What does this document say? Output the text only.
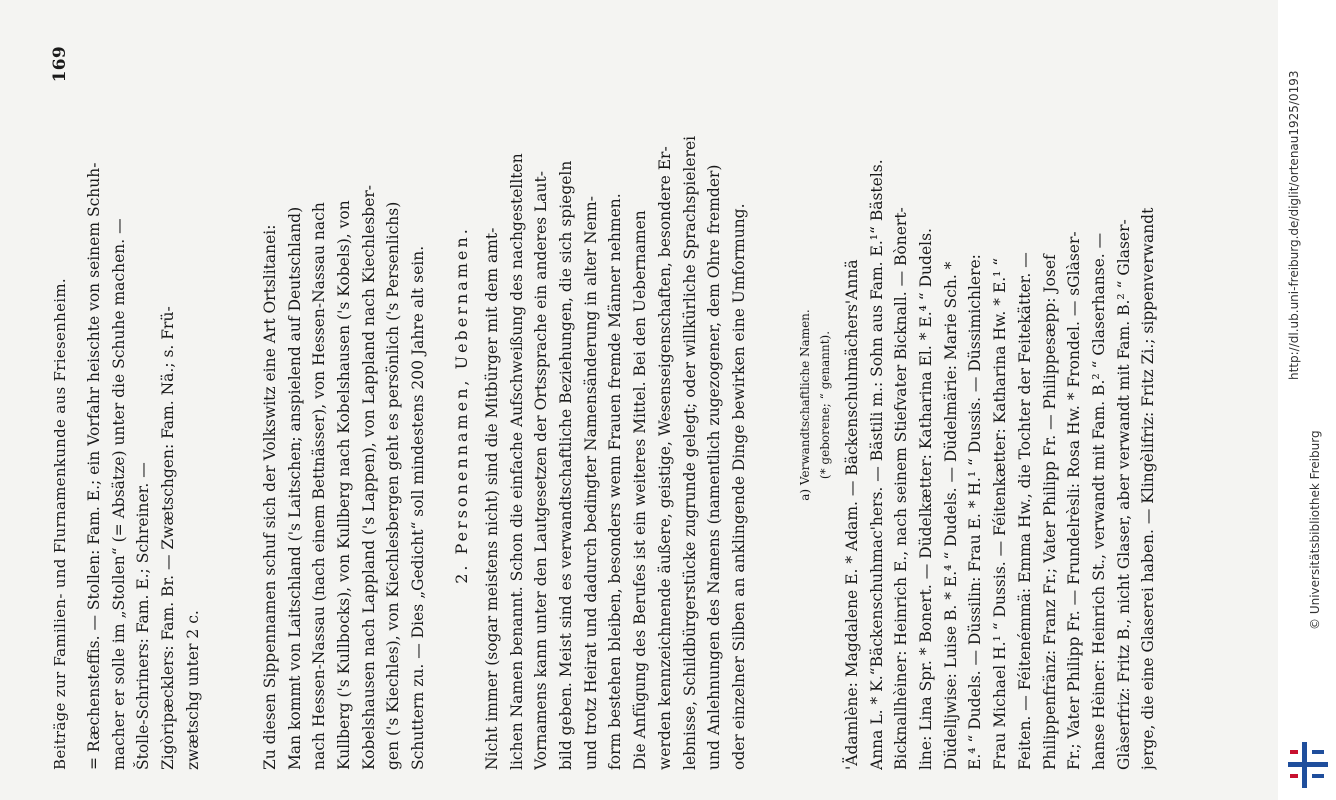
Beiträge zur Familien- und Flurnamenkunde aus Friesenheim.
169
= Ræchensteffis. — Stollen: Fam. E.; ein Vorfahr heischte von seinem Schuh- macher er solle im „Stollen“ (= Absätze) unter die Schuhe machen. — Štolle-Schriners: Fam. E.; Schreiner. — Zigòripæcklers: Fam. Br. — Zwætschgen: Fam. Nä.; s. Frü- zwætschg unter 2 c.	Zu diesen Sippennamen schuf sich der Volkswitz eine Art Ortslitanei: Man kommt von Laitschland ('s Laitschen; anspielend auf Deutschland) nach Hessen-Nassau (nach einem Bettnässer), von Hessen-Nassau nach Kullberg ('s Kullbocks), von Kullberg nach Kobelshausen ('s Kobels), von Kobelshausen nach Lappland ('s Lappen), von Lappland nach Kiechlesber- gen ('s Kiechles), von Kiechlesbergen geht es persönlich ('s Persenlichs) Schuttern zu. — Dies „Gedicht“ soll mindestens 200 Jahre alt sein. 2. Personennamen, Uebernamen. Nicht immer (sogar meistens nicht) sind die Mitbürger mit dem amt- lichen Namen benannt. Schon die einfache Aufschweißung des nachgestellten Vornamens kann unter den Lautgesetzen der Ortssprache ein anderes Laut- bild geben. Meist sind es verwandtschaftliche Beziehungen, die sich spiegeln und trotz Heirat und dadurch bedingter Namensänderung in alter Nenn- form bestehen bleiben, besonders wenn Frauen fremde Männer nehmen. Die Anfügung des Berufes ist ein weiteres Mittel. Bei den Uebernamen werden kennzeichnende äußere, geistige, Wesenseigenschaften, besondere Er- lebnisse, Schildbürgerstücke zugrunde gelegt; oder willkürliche Sprachspielerei und Anlehnungen des Namens (namentlich zugezogener, dem Ohre fremder) oder einzelner Silben an anklingende Dinge bewirken eine Umformung.	a) Verwandtschaftliche Namen. (* geborene; “ genannt). 'Ädamlène: Magdalene E. * Adam. — Bäckenschuhmächers'Annä Anna L. * K.“Bäckenschuhmac'hers. — Bästili m.: Sohn aus Fam. E.¹“ Bästels. Bicknallhèiner: Heinrich E., nach seinem Stiefvater Bicknall. — Bònert- line: Lina Spr. * Bonert. — Düdelkætter: Katharina El. * E.⁴ “ Dudels. Düdelljwise: Luise B. * E.⁴ “ Dudels. — Düdelmärie: Marie Sch. * E.⁴ “ Dudels. — Düssilin: Frau E. * H.¹ “ Dussis. — Düssimichlere: Frau Michael H.¹ “ Dussis. — Féitenkætter: Katharina Hw. * E.¹ “ Feiten. — Féitenémmä: Emma Hw., die Tochter der Feitekätter. — Philippenfränz: Franz Fr.; Vater Philipp Fr. — Philippesæpp: Josef Fr.; Vater Philipp Fr. — Frundelrèsli: Rosa Hw. * Frondel. — sGlàser- hanse Hèiner: Heinrich St., verwandt mit Fam. B.² “ Glaserhanse. — Glàserfriz: Fritz B., nicht Glaser, aber verwandt mit Fam. B.² “ Glaser- jerge, die eine Glaserei haben. — Klingèlifriz: Fritz Zi.; sippenverwandt	http://dl.ub.uni-freiburg.de/diglit/ortenau1925/0193
© Universitätsbibliothek Freiburg
